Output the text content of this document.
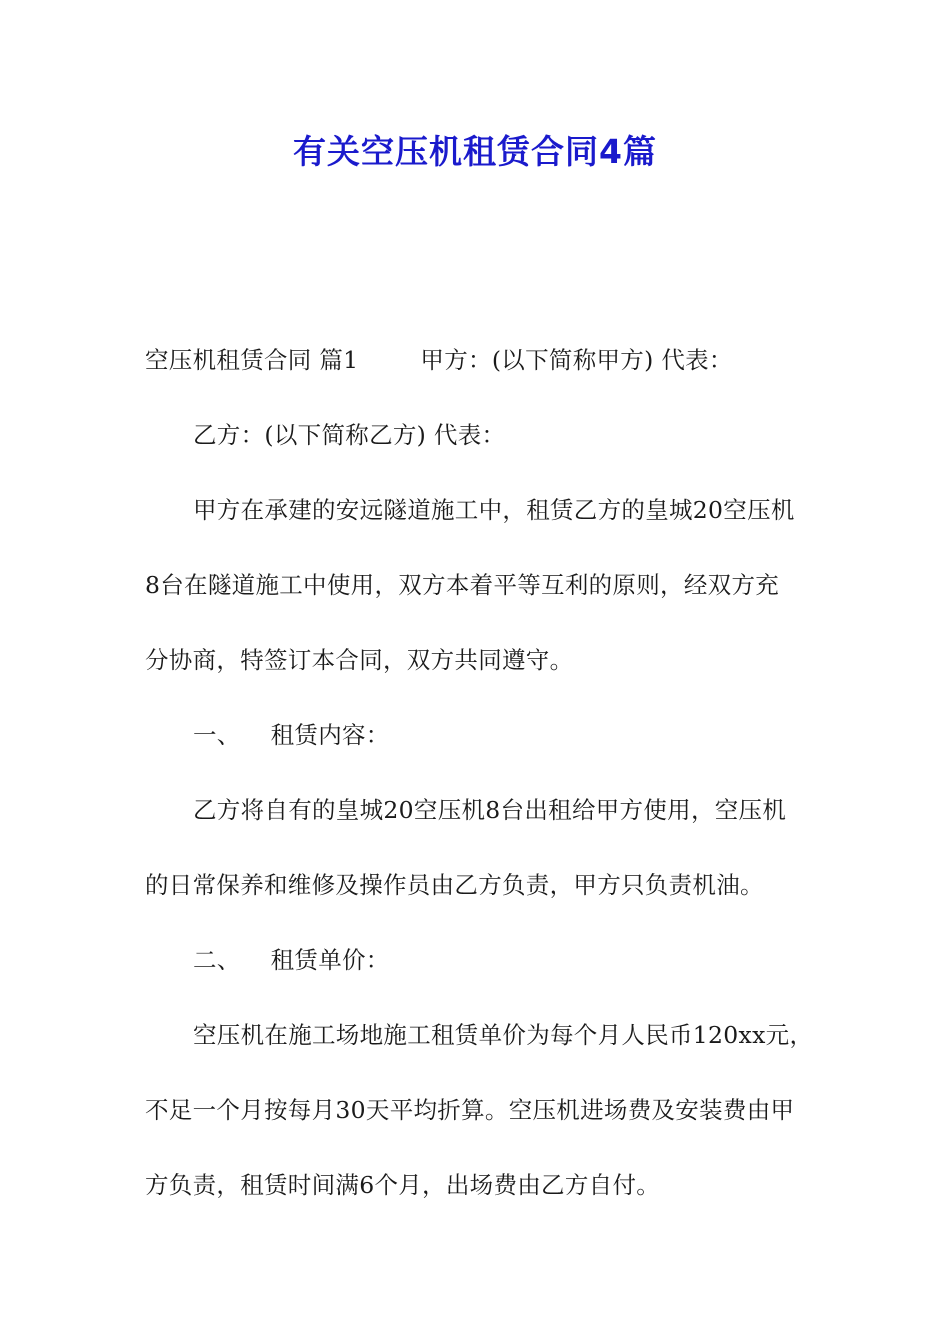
有关空压机租赁合同4篇
空压机租赁合同 篇1	甲方：(以下简称甲方) 代表：
乙方：(以下简称乙方) 代表：
甲方在承建的安远隧道施工中，租赁乙方的皇城20空压机
8台在隧道施工中使用，双方本着平等互利的原则，经双方充
分协商，特签订本合同，双方共同遵守。
一、 租赁内容：
乙方将自有的皇城20空压机8台出租给甲方使用，空压机
的日常保养和维修及操作员由乙方负责，甲方只负责机油。
二、 租赁单价：
空压机在施工场地施工租赁单价为每个月人民币120xx元，
不足一个月按每月30天平均折算。空压机进场费及安装费由甲
方负责，租赁时间满6个月，出场费由乙方自付。
